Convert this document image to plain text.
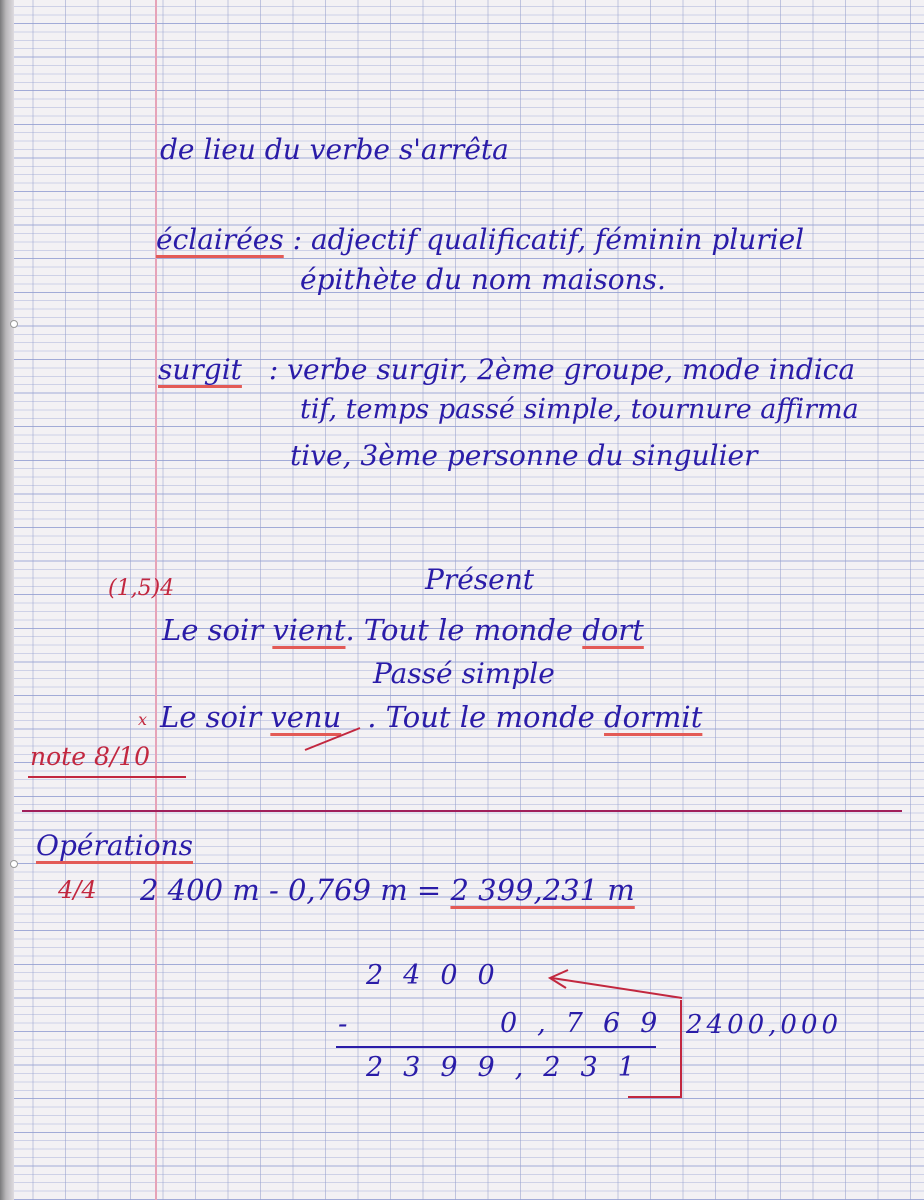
de lieu du verbe s'arrêta
éclairées : adjectif qualificatif, féminin pluriel
épithète du nom maisons.
surgit : verbe surgir, 2ème groupe, mode indica
tif, temps passé simple, tournure affirma
tive, 3ème personne du singulier
(1,5)4	Présent
Le soir vient. Tout le monde dort
Passé simple
x Le soir venu . Tout le monde dormit
note 8/10
Opérations
4/4 2 400 m - 0,769 m = 2 399,231 m
2400
-	0,769 2400,000
2399,231
